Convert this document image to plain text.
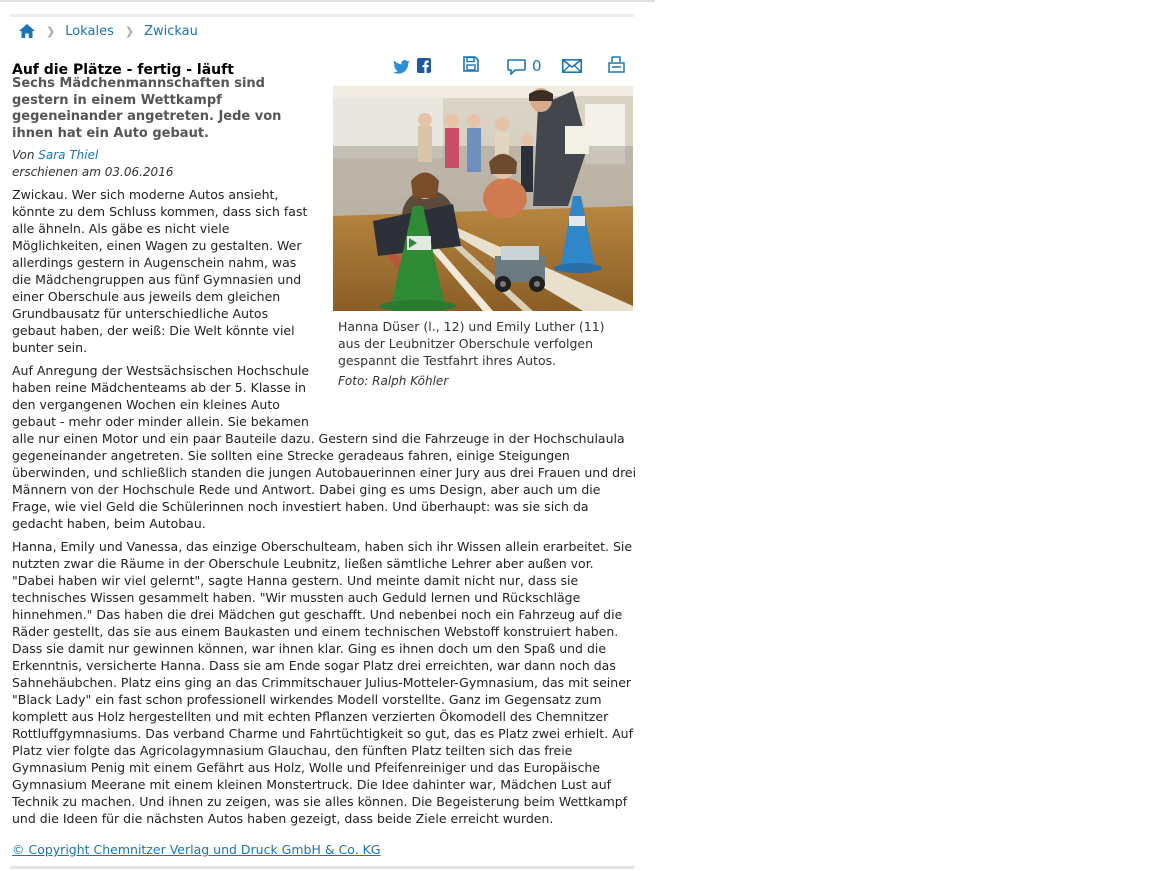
❯ Lokales ❯ Zwickau
Auf die Plätze - fertig - läuft	0
Sechs Mädchenmannschaften sind gestern in einem Wettkampf gegeneinander angetreten. Jede von ihnen hat ein Auto gebaut.
Von Sara Thiel
erschienen am 03.06.2016
Hanna Düser (l., 12) und Emily Luther (11) aus der Leubnitzer Oberschule verfolgen gespannt die Testfahrt ihres Autos.
Foto: Ralph Köhler

Zwickau. Wer sich moderne Autos ansieht, könnte zu dem Schluss kommen, dass sich fast alle ähneln. Als gäbe es nicht viele Möglichkeiten, einen Wagen zu gestalten. Wer allerdings gestern in Augenschein nahm, was die Mädchengruppen aus fünf Gymnasien und einer Oberschule aus jeweils dem gleichen Grundbausatz für unterschiedliche Autos gebaut haben, der weiß: Die Welt könnte viel bunter sein.

Auf Anregung der Westsächsischen Hochschule haben reine Mädchenteams ab der 5. Klasse in den vergangenen Wochen ein kleines Auto gebaut - mehr oder minder allein. Sie bekamen

alle nur einen Motor und ein paar Bauteile dazu. Gestern sind die Fahrzeuge in der Hochschulaula gegeneinander angetreten. Sie sollten eine Strecke geradeaus fahren, einige Steigungen überwinden, und schließlich standen die jungen Autobauerinnen einer Jury aus drei Frauen und drei Männern von der Hochschule Rede und Antwort. Dabei ging es ums Design, aber auch um die Frage, wie viel Geld die Schülerinnen noch investiert haben. Und überhaupt: was sie sich da gedacht haben, beim Autobau.

Hanna, Emily und Vanessa, das einzige Oberschulteam, haben sich ihr Wissen allein erarbeitet. Sie nutzten zwar die Räume in der Oberschule Leubnitz, ließen sämtliche Lehrer aber außen vor. "Dabei haben wir viel gelernt", sagte Hanna gestern. Und meinte damit nicht nur, dass sie technisches Wissen gesammelt haben. "Wir mussten auch Geduld lernen und Rückschläge hinnehmen." Das haben die drei Mädchen gut geschafft. Und nebenbei noch ein Fahrzeug auf die Räder gestellt, das sie aus einem Baukasten und einem technischen Webstoff konstruiert haben. Dass sie damit nur gewinnen können, war ihnen klar. Ging es ihnen doch um den Spaß und die Erkenntnis, versicherte Hanna. Dass sie am Ende sogar Platz drei erreichten, war dann noch das Sahnehäubchen. Platz eins ging an das Crimmitschauer Julius-Motteler-Gymnasium, das mit seiner "Black Lady" ein fast schon professionell wirkendes Modell vorstellte. Ganz im Gegensatz zum komplett aus Holz hergestellten und mit echten Pflanzen verzierten Ökomodell des Chemnitzer Rottluffgymnasiums. Das verband Charme und Fahrtüchtigkeit so gut, das es Platz zwei erhielt. Auf Platz vier folgte das Agricolagymnasium Glauchau, den fünften Platz teilten sich das freie Gymnasium Penig mit einem Gefährt aus Holz, Wolle und Pfeifenreiniger und das Europäische Gymnasium Meerane mit einem kleinen Monstertruck. Die Idee dahinter war, Mädchen Lust auf Technik zu machen. Und ihnen zu zeigen, was sie alles können. Die Begeisterung beim Wettkampf und die Ideen für die nächsten Autos haben gezeigt, dass beide Ziele erreicht wurden.

© Copyright Chemnitzer Verlag und Druck GmbH & Co. KG
